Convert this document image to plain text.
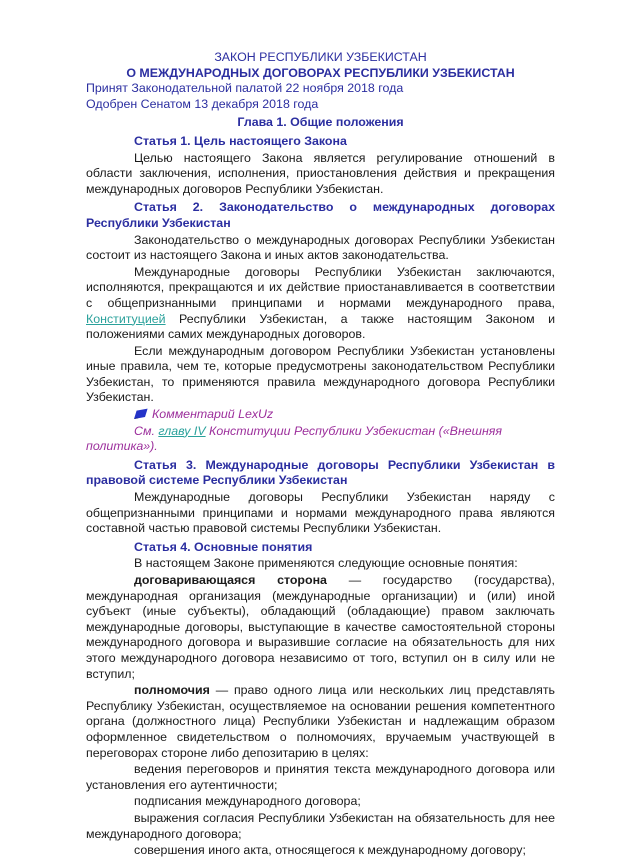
ЗАКОН РЕСПУБЛИКИ УЗБЕКИСТАН

О МЕЖДУНАРОДНЫХ ДОГОВОРАХ РЕСПУБЛИКИ УЗБЕКИСТАН

Принят Законодательной палатой 22 ноября 2018 года

Одобрен Сенатом 13 декабря 2018 года

Глава 1. Общие положения

Статья 1. Цель настоящего Закона

Целью настоящего Закона является регулирование отношений в области заключения, исполнения, приостановления действия и прекращения международных договоров Республики Узбекистан.

Статья 2. Законодательство о международных договорах Республики Узбекистан

Законодательство о международных договорах Республики Узбекистан состоит из настоящего Закона и иных актов законодательства.

Международные договоры Республики Узбекистан заключаются, исполняются, прекращаются и их действие приостанавливается в соответствии с общепризнанными принципами и нормами международного права, Конституцией Республики Узбекистан, а также настоящим Законом и положениями самих международных договоров.

Если международным договором Республики Узбекистан установлены иные правила, чем те, которые предусмотрены законодательством Республики Узбекистан, то применяются правила международного договора Республики Узбекистан.

Комментарий LexUz

См. главу IV Конституции Республики Узбекистан («Внешняя политика»).

Статья 3. Международные договоры Республики Узбекистан в правовой системе Республики Узбекистан

Международные договоры Республики Узбекистан наряду с общепризнанными принципами и нормами международного права являются составной частью правовой системы Республики Узбекистан.

Статья 4. Основные понятия

В настоящем Законе применяются следующие основные понятия:

договаривающаяся сторона — государство (государства), международная организация (международные организации) и (или) иной субъект (иные субъекты), обладающий (обладающие) правом заключать международные договоры, выступающие в качестве самостоятельной стороны международного договора и выразившие согласие на обязательность для них этого международного договора независимо от того, вступил он в силу или не вступил;

полномочия — право одного лица или нескольких лиц представлять Республику Узбекистан, осуществляемое на основании решения компетентного органа (должностного лица) Республики Узбекистан и надлежащим образом оформленное свидетельством о полномочиях, вручаемым участвующей в переговорах стороне либо депозитарию в целях:

ведения переговоров и принятия текста международного договора или установления его аутентичности;

подписания международного договора;

выражения согласия Республики Узбекистан на обязательность для нее международного договора;

совершения иного акта, относящегося к международному договору;
